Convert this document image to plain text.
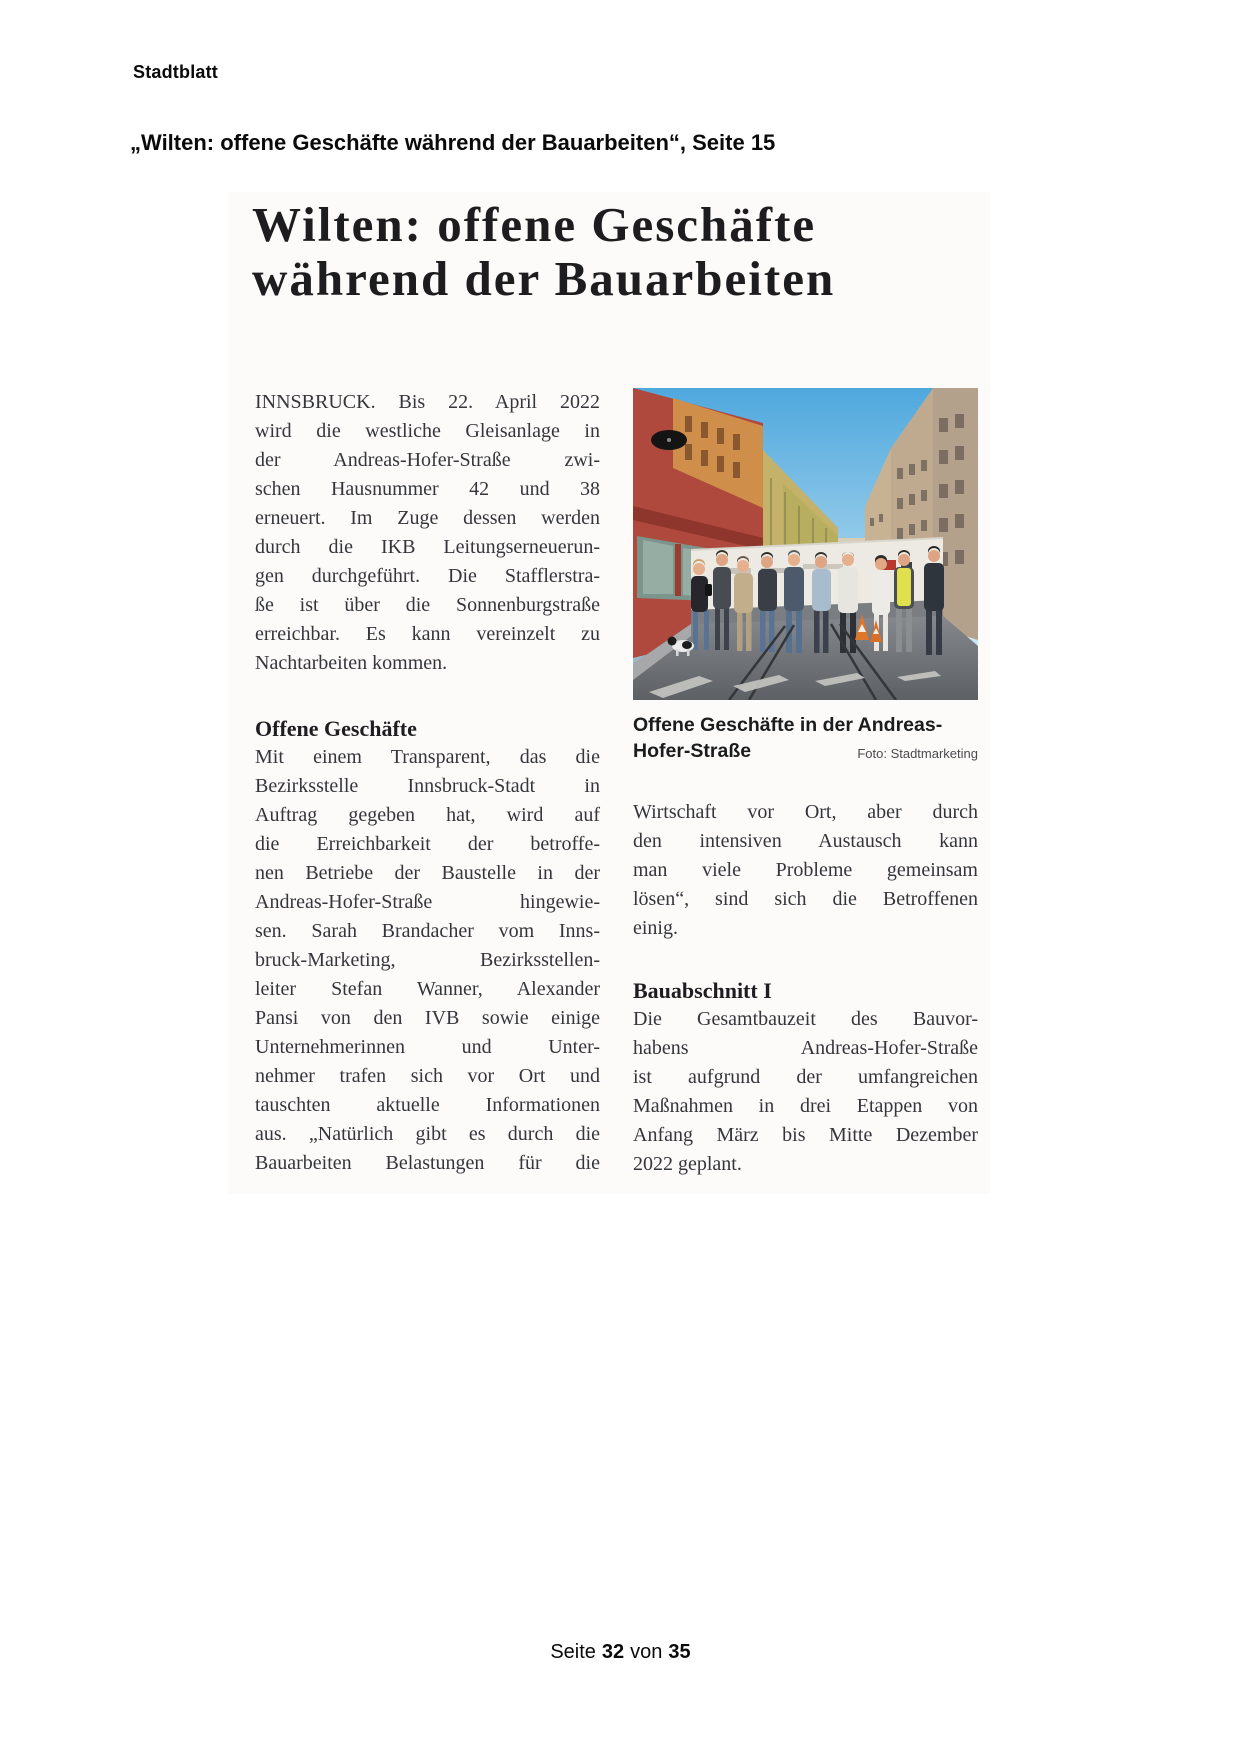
Stadtblatt
„Wilten: offene Geschäfte während der Bauarbeiten“, Seite 15
Wilten: offene Geschäfte
während der Bauarbeiten
INNSBRUCK. Bis 22. April 2022
wird die westliche Gleisanlage in
der Andreas-Hofer-Straße zwi-
schen Hausnummer 42 und 38
erneuert. Im Zuge dessen werden
durch die IKB Leitungserneuerun-
gen durchgeführt. Die Stafflerstra-
ße ist über die Sonnenburgstraße
erreichbar. Es kann vereinzelt zu
Nachtarbeiten kommen.
Offene Geschäfte
Mit einem Transparent, das die
Bezirksstelle Innsbruck-Stadt in
Auftrag gegeben hat, wird auf
die Erreichbarkeit der betroffe-
nen Betriebe der Baustelle in der
Andreas-Hofer-Straße hingewie-
sen. Sarah Brandacher vom Inns-
bruck-Marketing, Bezirksstellen-
leiter Stefan Wanner, Alexander
Pansi von den IVB sowie einige
Unternehmerinnen und Unter-
nehmer trafen sich vor Ort und
tauschten aktuelle Informationen
aus. „Natürlich gibt es durch die
Bauarbeiten Belastungen für die
Offene Geschäfte in der Andreas-
Hofer-Straße	Foto: Stadtmarketing
Wirtschaft vor Ort, aber durch
den intensiven Austausch kann
man viele Probleme gemeinsam
lösen“, sind sich die Betroffenen
einig.
Bauabschnitt I
Die Gesamtbauzeit des Bauvor-
habens Andreas-Hofer-Straße
ist aufgrund der umfangreichen
Maßnahmen in drei Etappen von
Anfang März bis Mitte Dezember
2022 geplant.
Seite 32 von 35
